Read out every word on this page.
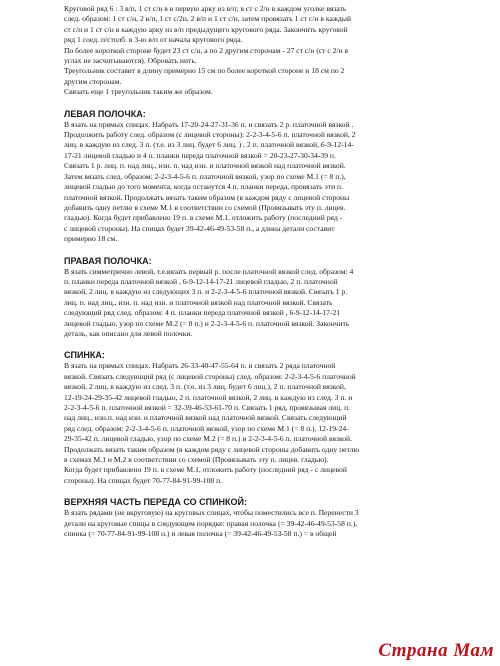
Круговой ряд 6 : 3 в/п, 1 ст с/н в в первую арку из в/п; в ст с 2/н в каждом уголке вязать

след. образом: 1 ст с/н, 2 в/п, 1 ст с/2н, 2 в/п и 1 ст с/н, затем провязать 1 ст с/н в каждый

ст с/н и 1 ст с/н в каждую арку из в/п предыдущего кругового ряда. Закончить круговой

ряд 1 соед. п/столб. в 3-ю в/п от начала кругового ряда.

По более короткой стороне будет 23 ст с/н, а по 2 другим сторонам - 27 ст с/н (ст с 2/н в

углах не засчитываются). Обровать нить.

Треугольник составит в длину примерно 15 см по более короткой стороне и 18 см по 2

другим сторонам.

Связать еще 1 треугольник таким же образом.

ЛЕВАЯ ПОЛОЧКА:

В язать на прямых спицах. Набрать 17-20-24-27-31-36 п. и связать 2 р. платочной вязкой .

Продолжить работу след. образом (с лицевой стороны): 2-2-3-4-5-6 п. платочной вязкой, 2

лиц. в каждую из след. 3 п. (т.е. из 3 лиц. будет 6 лиц. ) , 2 п. платочной вязкой, 6-9-12-14-

17-21 лицевой гладью и 4 п. планки переда платочной вязкой = 20-23-27-30-34-39 п.

Связать 1 р. лиц. п. над лиц., изн. п. над изн. и платочной вязкой над платочной вязкой.

Затем вязать след. образом: 2-2-3-4-5-6 п. платочной вязкой, узор по схеме М.1 (= 8 п.),

лицевой гладью до того момента, когда останутся 4 п. планки переда, провязать эти п.

платочной вязкой. Продолжать вязать таким образом (в каждом ряду с лицевой стороны

добавить одну петлю в схеме М.1 в соответствии со схемой (Провязывать эту п. лицев.

гладью). Когда будет прибавлено 19 п. в схеме М.1, отложить работу (последний ряд -

с лицевой стороны). На спицах будет 39-42-46-49-53-58 п., а длина детали составит

примерно 18 см.

ПРАВАЯ ПОЛОЧКА:

В язать симметрично левой, т.е.вязать первый р. после платочной вязкой след. образом: 4

п. планки переда платочной вязкой , 6-9-12-14-17-21 лицевой гладью, 2 п. платочной

вязкой, 2 лиц. в каждую из следующих 3 п. и 2-2-3-4-5-6 платочной вязкой. Связать 1 р.

лиц. п. над лиц., изн. п. над изн. и платочной вязкой над платочной вязкой. Связать

следующий ряд след. образом: 4 п. планки переда платочной вязкой , 6-9-12-14-17-21

лицевой гладью, узор по схеме М.2 (= 8 п.) и 2-2-3-4-5-6 п. платочной вязкой. Закончить

деталь, как описано для левой полочки.

СПИНКА:

В язать на прямых спицах. Набрать 26-33-40-47-55-64 п. и связать 2 ряда платочной

вязкой. Связать следующий ряд (с лицевой стороны) след. образом: 2-2-3-4-5-6 платочной

вязкой, 2 лиц. в каждую из след. 3 п. (т.е. из 3 лиц. будет 6 лиц.), 2 п. платочной вязкой,

12-19-24-29-35-42 лицевой гладью, 2 п. платочной вязкой, 2 лиц. в каждую из след. 3 п. и

2-2-3-4-5-6 п. платочной вязкой = 32-39-46-53-61-70 п. Связать 1 ряд, провязывая лиц. п.

над лиц., изн.п. над изн. и платочной вязкой над платочной вязкой. Связать следующий

ряд след. образом: 2-2-3-4-5-6 п. платочной вязкой, узор по схеме М.1 (= 8 п.), 12-19-24-

29-35-42 п. лицевой гладью, узор по схеме М.2 (= 8 п.) и 2-2-3-4-5-6 п. платочной вязкой.

Продолжать вязать таким образом (в каждом ряду с лицевой стороны добавить одну петлю

в схемах М.1 и М.2 в соответствии со схемой (Провязывать эту п. лицев. гладью).

Когда будет прибавлено 19 п. в схеме М.1, отложить работу (последний ряд - с лицевой

стороны). На спицах будет 70-77-84-91-99-108 п.

ВЕРХНЯЯ ЧАСТЬ ПЕРЕДА СО СПИНКОЙ:

В язать рядами (не вкруговую) на круговых спицах, чтобы поместились все п. Перенести 3

детали на круговые спицы в следующем порядке: правая полочка (= 39-42-46-49-53-58 п.),

спинка (= 70-77-84-91-99-108 п.) и левая полочка (= 39-42-46-49-53-58 п.) = в общей

Страна Мам
